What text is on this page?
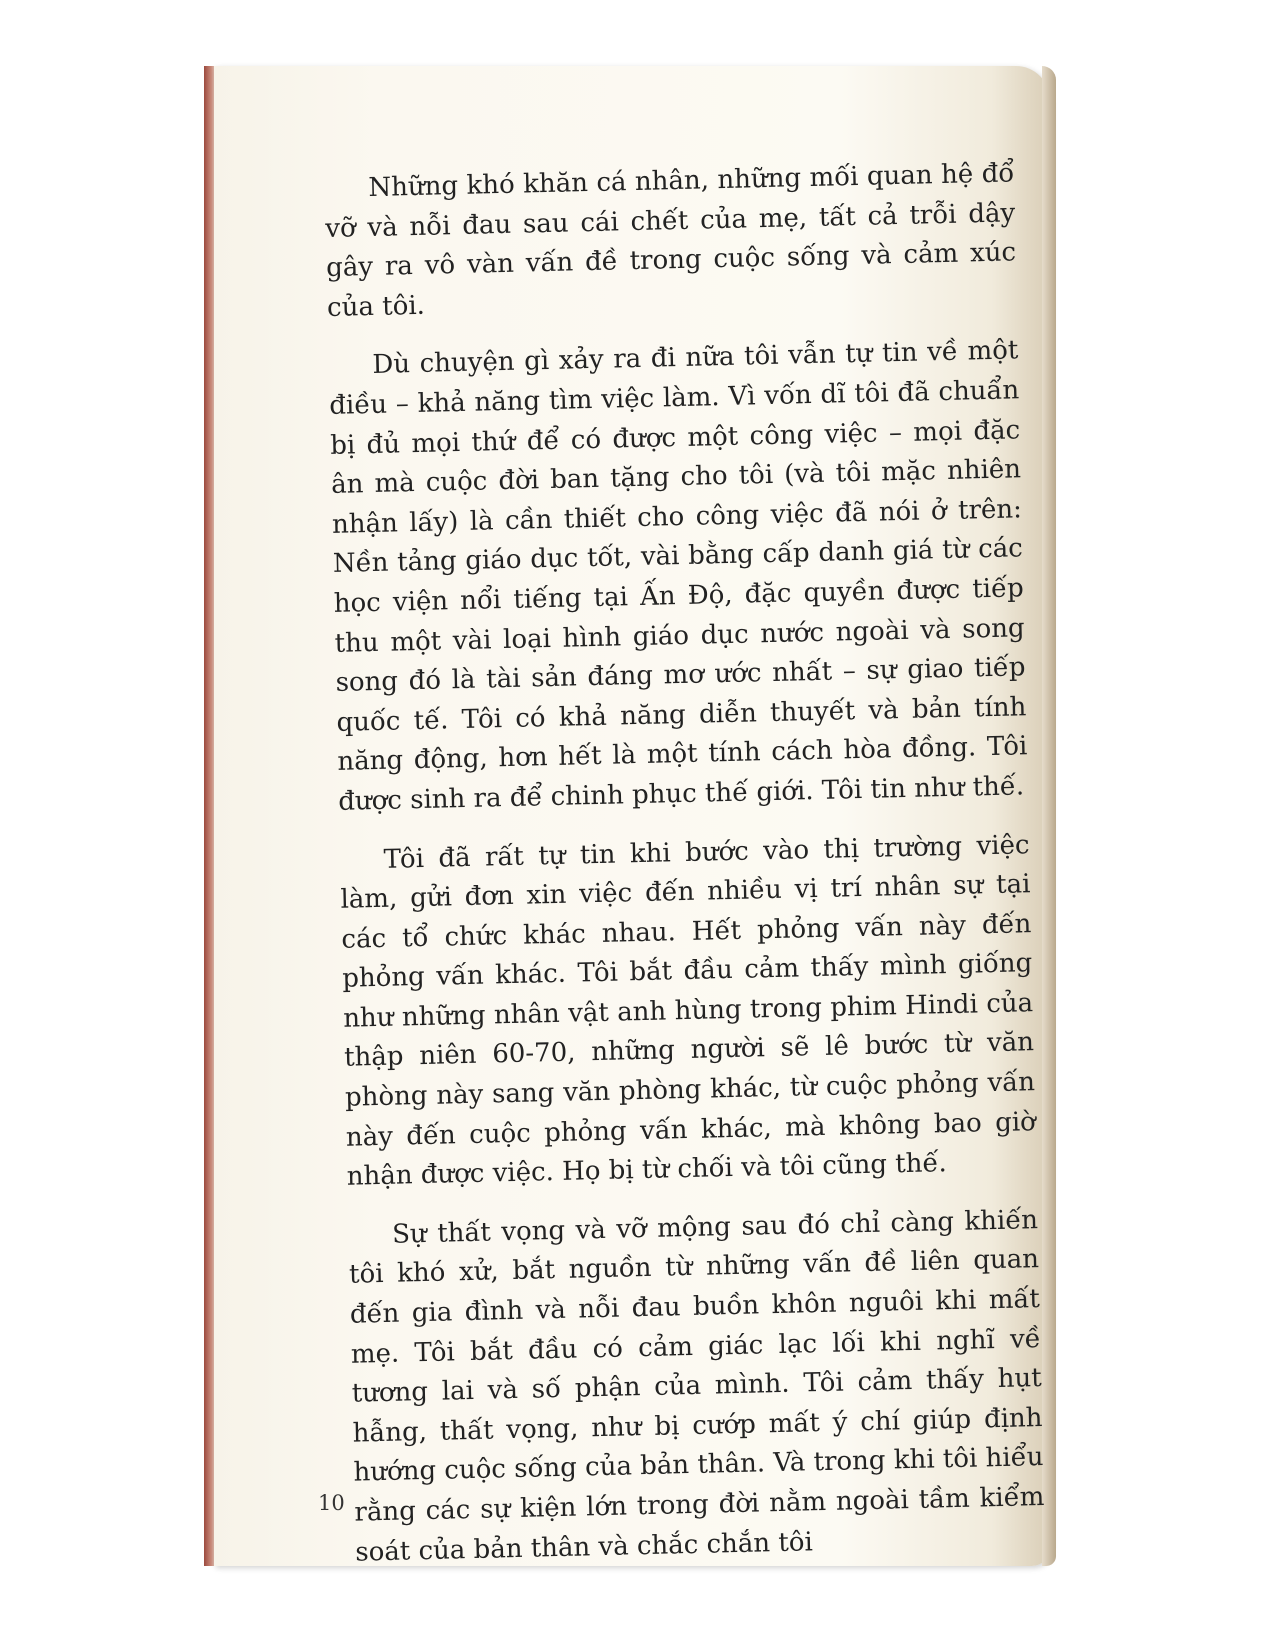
Những khó khăn cá nhân, những mối quan hệ đổ vỡ và nỗi đau sau cái chết của mẹ, tất cả trỗi dậy gây ra vô vàn vấn đề trong cuộc sống và cảm xúc của tôi.

Dù chuyện gì xảy ra đi nữa tôi vẫn tự tin về một điều – khả năng tìm việc làm. Vì vốn dĩ tôi đã chuẩn bị đủ mọi thứ để có được một công việc – mọi đặc ân mà cuộc đời ban tặng cho tôi (và tôi mặc nhiên nhận lấy) là cần thiết cho công việc đã nói ở trên: Nền tảng giáo dục tốt, vài bằng cấp danh giá từ các học viện nổi tiếng tại Ấn Độ, đặc quyền được tiếp thu một vài loại hình giáo dục nước ngoài và song song đó là tài sản đáng mơ ước nhất – sự giao tiếp quốc tế. Tôi có khả năng diễn thuyết và bản tính năng động, hơn hết là một tính cách hòa đồng. Tôi được sinh ra để chinh phục thế giới. Tôi tin như thế.

Tôi đã rất tự tin khi bước vào thị trường việc làm, gửi đơn xin việc đến nhiều vị trí nhân sự tại các tổ chức khác nhau. Hết phỏng vấn này đến phỏng vấn khác. Tôi bắt đầu cảm thấy mình giống như những nhân vật anh hùng trong phim Hindi của thập niên 60-70, những người sẽ lê bước từ văn phòng này sang văn phòng khác, từ cuộc phỏng vấn này đến cuộc phỏng vấn khác, mà không bao giờ nhận được việc. Họ bị từ chối và tôi cũng thế.

Sự thất vọng và vỡ mộng sau đó chỉ càng khiến tôi khó xử, bắt nguồn từ những vấn đề liên quan đến gia đình và nỗi đau buồn khôn nguôi khi mất mẹ. Tôi bắt đầu có cảm giác lạc lối khi nghĩ về tương lai và số phận của mình. Tôi cảm thấy hụt hẫng, thất vọng, như bị cướp mất ý chí giúp định hướng cuộc sống của bản thân. Và trong khi tôi hiểu rằng các sự kiện lớn trong đời nằm ngoài tầm kiểm soát của bản thân và chắc chắn tôi

10
